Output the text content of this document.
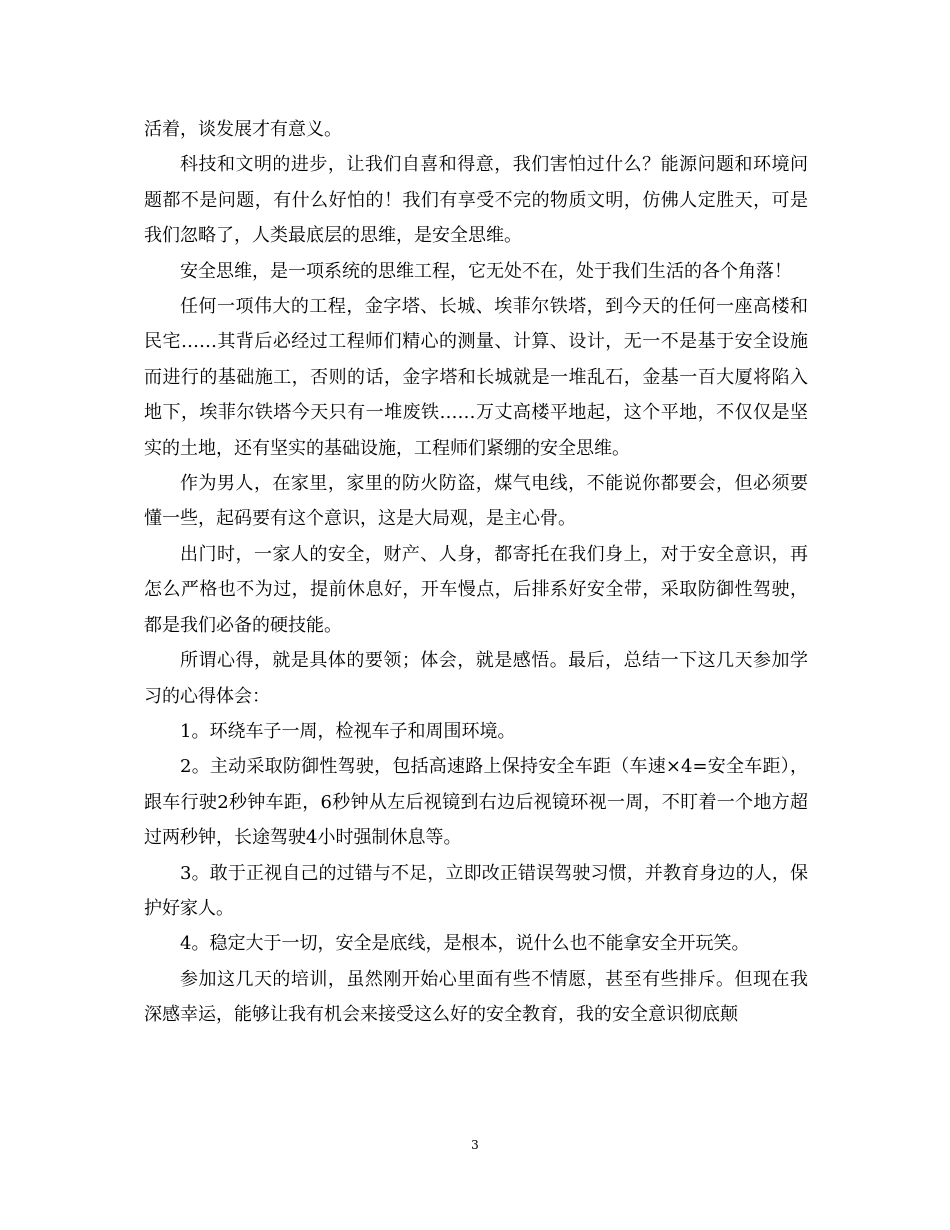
活着，谈发展才有意义。

科技和文明的进步，让我们自喜和得意，我们害怕过什么？能源问题和环境问题都不是问题，有什么好怕的！我们有享受不完的物质文明，仿佛人定胜天，可是我们忽略了，人类最底层的思维，是安全思维。

安全思维，是一项系统的思维工程，它无处不在，处于我们生活的各个角落！

任何一项伟大的工程，金字塔、长城、埃菲尔铁塔，到今天的任何一座高楼和民宅……其背后必经过工程师们精心的测量、计算、设计，无一不是基于安全设施而进行的基础施工，否则的话，金字塔和长城就是一堆乱石，金基一百大厦将陷入地下，埃菲尔铁塔今天只有一堆废铁……万丈高楼平地起，这个平地，不仅仅是坚实的土地，还有坚实的基础设施，工程师们紧绷的安全思维。

作为男人，在家里，家里的防火防盗，煤气电线，不能说你都要会，但必须要懂一些，起码要有这个意识，这是大局观，是主心骨。

出门时，一家人的安全，财产、人身，都寄托在我们身上，对于安全意识，再怎么严格也不为过，提前休息好，开车慢点，后排系好安全带，采取防御性驾驶，都是我们必备的硬技能。

所谓心得，就是具体的要领；体会，就是感悟。最后，总结一下这几天参加学习的心得体会：

1。环绕车子一周，检视车子和周围环境。

2。主动采取防御性驾驶，包括高速路上保持安全车距（车速×4=安全车距），跟车行驶2秒钟车距，6秒钟从左后视镜到右边后视镜环视一周，不盯着一个地方超过两秒钟，长途驾驶4小时强制休息等。

3。敢于正视自己的过错与不足，立即改正错误驾驶习惯，并教育身边的人，保护好家人。

4。稳定大于一切，安全是底线，是根本，说什么也不能拿安全开玩笑。

参加这几天的培训，虽然刚开始心里面有些不情愿，甚至有些排斥。但现在我深感幸运，能够让我有机会来接受这么好的安全教育，我的安全意识彻底颠

3
